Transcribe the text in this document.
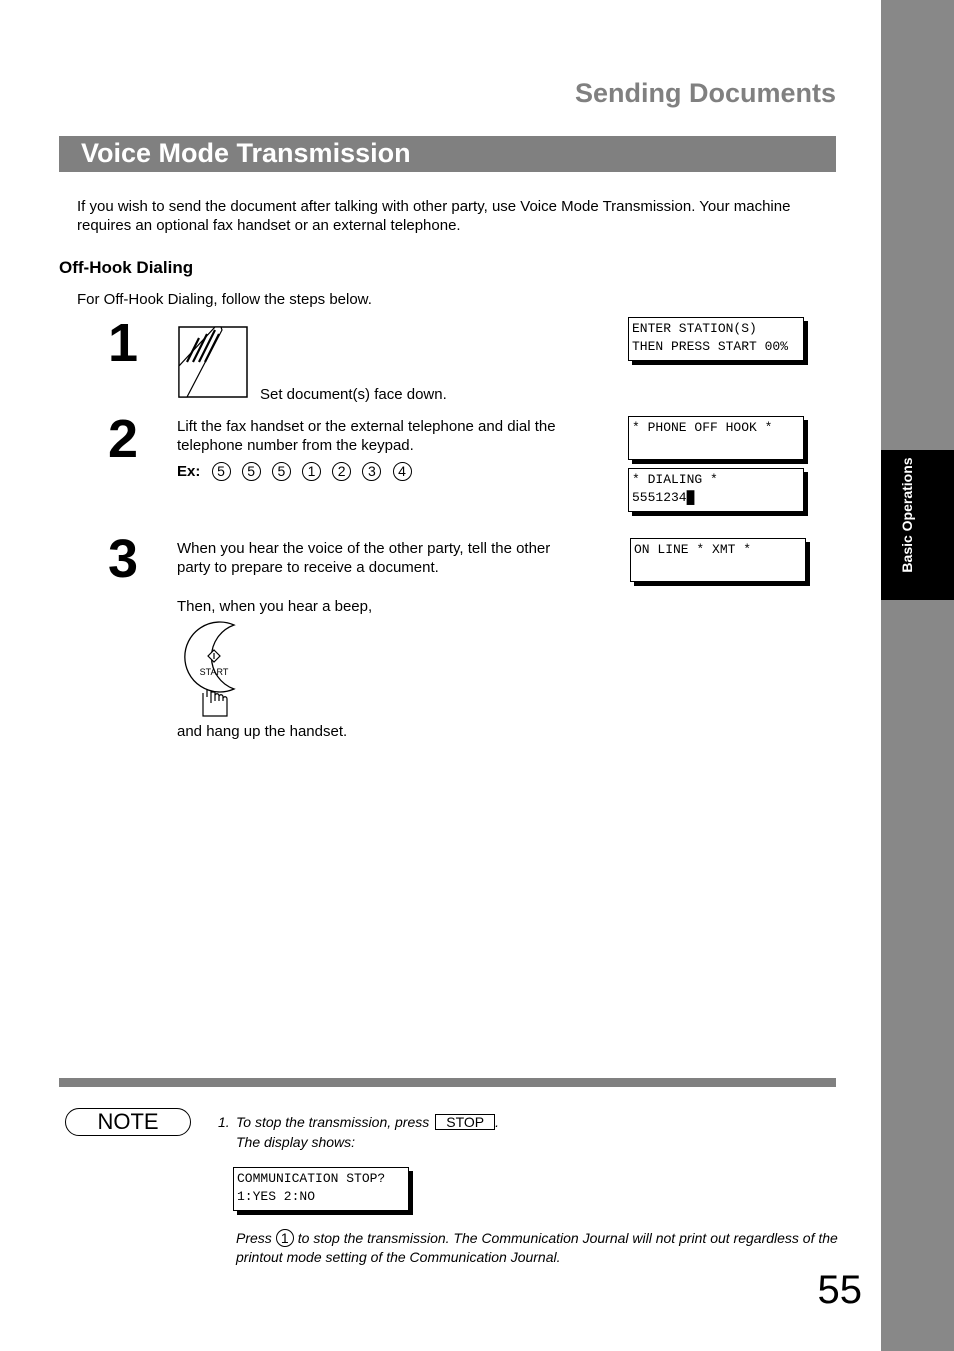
Basic Operations
Sending Documents
Voice Mode Transmission
If you wish to send the document after talking with other party, use Voice Mode Transmission. Your machine requires an optional fax handset or an external telephone.
Off-Hook Dialing
For Off-Hook Dialing, follow the steps below.
1
Set document(s) face down.
ENTER STATION(S)
THEN PRESS START 00%
2	Lift the fax handset or the external telephone and dial the telephone number from the keypad.
Ex: 5 5 5 1 2 3 4
* PHONE OFF HOOK *
* DIALING *
5551234█
3	When you hear the voice of the other party, tell the other party to prepare to receive a document.
Then, when you hear a beep,
START
and hang up the handset.
ON LINE * XMT *
NOTE	1. To stop the transmission, press STOP .
The display shows:
COMMUNICATION STOP?
1:YES 2:NO
Press 1 to stop the transmission. The Communication Journal will not print out regardless of the printout mode setting of the Communication Journal.
55
